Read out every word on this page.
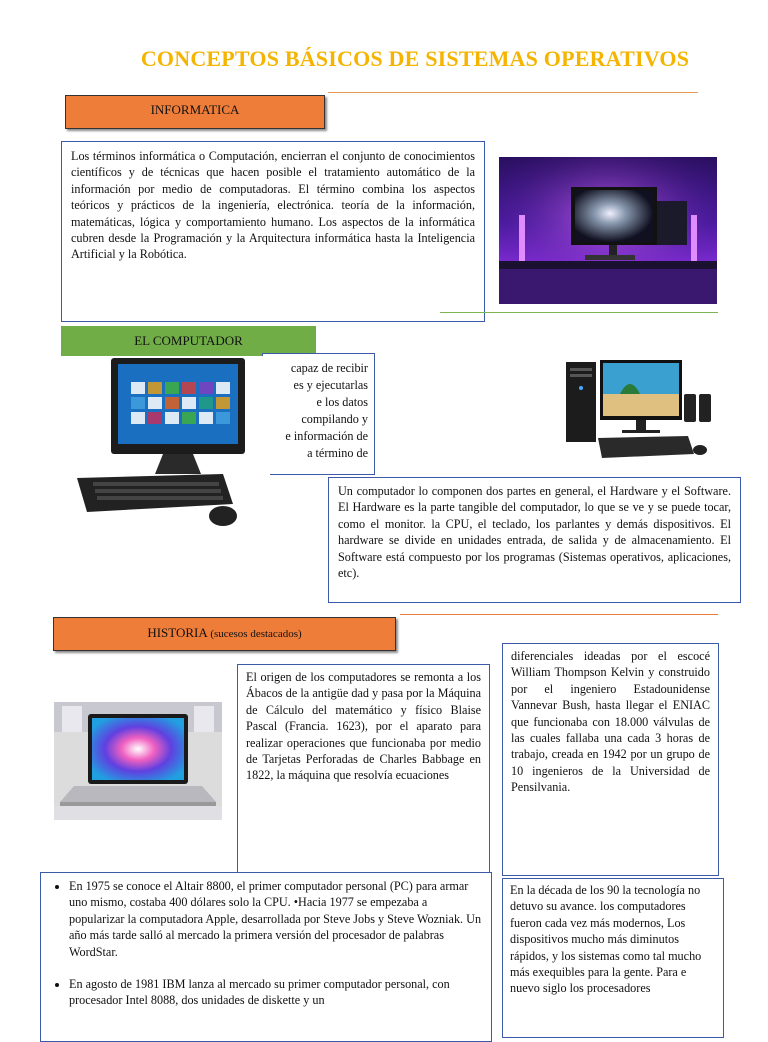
CONCEPTOS BÁSICOS DE SISTEMAS OPERATIVOS
INFORMATICA

Los términos informática o Computación, encierran el conjunto de conocimientos científicos y de técnicas que hacen posible el tratamiento automático de la información por medio de computadoras. El término combina los aspectos teóricos y prácticos de la ingeniería, electrónica. teoría de la información, matemáticas, lógica y comportamiento humano. Los aspectos de la informática cubren desde la Programación y la Arquitectura informática hasta la Inteligencia Artificial y la Robótica.

EL COMPUTADOR
capaz de recibir
es y ejecutarlas
e los datos
compilando y
e información de
a término de

Un computador lo componen dos partes en general, el Hardware y el Software. El Hardware es la parte tangible del computador, lo que se ve y se puede tocar, como el monitor. la CPU, el teclado, los parlantes y demás dispositivos. El hardware se divide en unidades entrada, de salida y de almacenamiento. El Software está compuesto por los programas (Sistemas operativos, aplicaciones, etc).

HISTORIA (sucesos destacados)

El origen de los computadores se remonta a los Ábacos de la antigüe dad y pasa por la Máquina de Cálculo del matemático y físico Blaise Pascal (Francia. 1623), por el aparato para realizar operaciones que funcionaba por medio de Tarjetas Perforadas de Charles Babbage en 1822, la máquina que resolvía ecuaciones

diferenciales ideadas por el escocé William Thompson Kelvin y construido por el ingeniero Estadounidense Vannevar Bush, hasta llegar el ENIAC que funcionaba con 18.000 válvulas de las cuales fallaba una cada 3 horas de trabajo, creada en 1942 por un grupo de 10 ingenieros de la Universidad de Pensilvania.

• En 1975 se conoce el Altair 8800, el primer computador personal (PC) para armar uno mismo, costaba 400 dólares solo la CPU. •Hacia 1977 se empezaba a popularizar la computadora Apple, desarrollada por Steve Jobs y Steve Wozniak. Un año más tarde salló al mercado la primera versión del procesador de palabras WordStar.
• En agosto de 1981 IBM lanza al mercado su primer computador personal, con procesador Intel 8088, dos unidades de diskette y un

En la década de los 90 la tecnología no detuvo su avance. los computadores fueron cada vez más modernos, Los dispositivos mucho más diminutos rápidos, y los sistemas como tal mucho más exequibles para la gente. Para e nuevo siglo los procesadores
